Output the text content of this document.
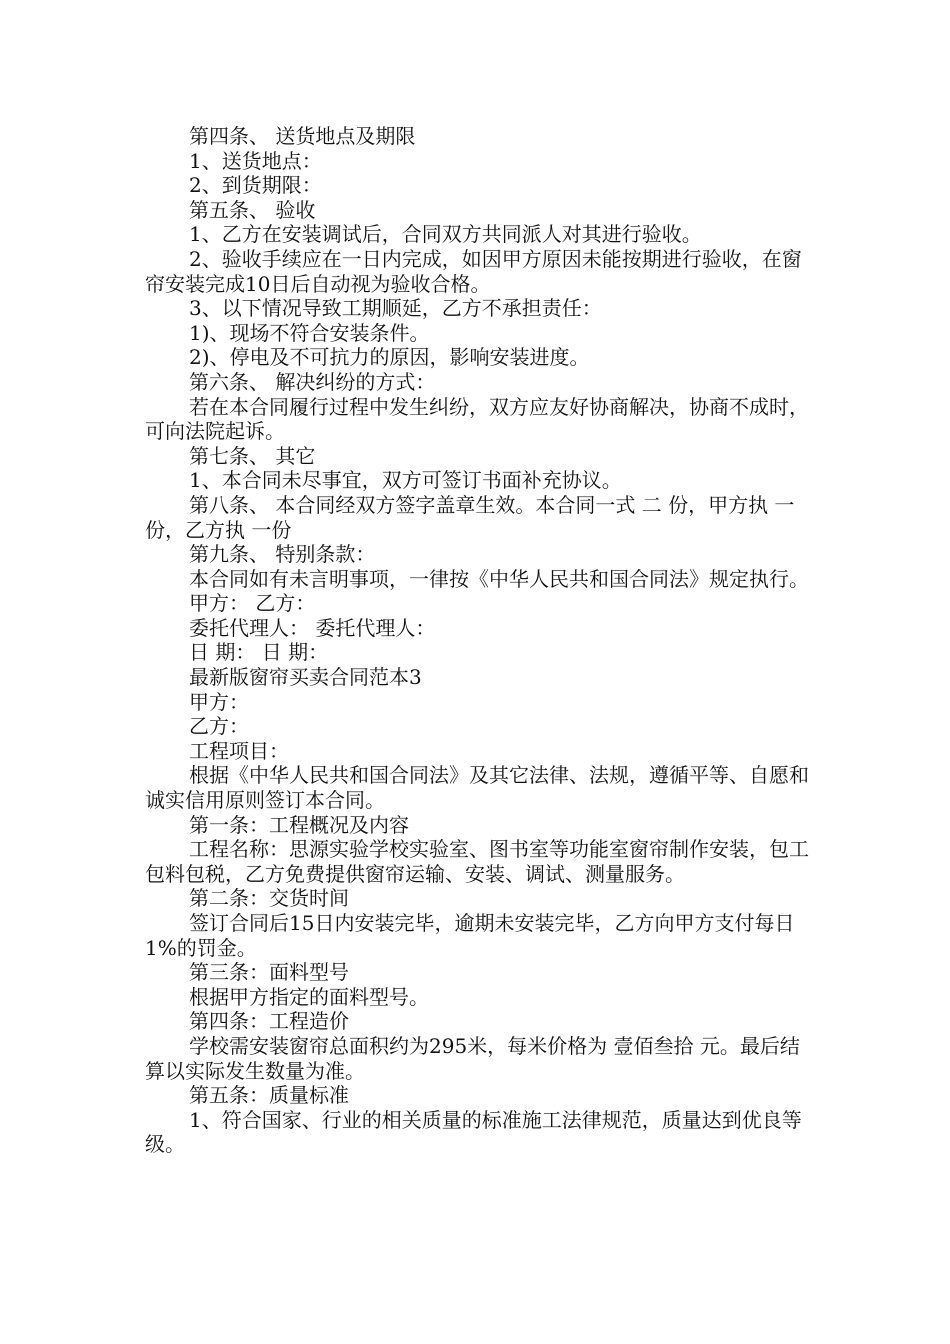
第四条、 送货地点及期限

1、送货地点：

2、到货期限：

第五条、 验收

1、乙方在安装调试后，合同双方共同派人对其进行验收。

2、验收手续应在一日内完成，如因甲方原因未能按期进行验收，在窗帘安装完成10日后自动视为验收合格。

3、以下情况导致工期顺延，乙方不承担责任：

1)、现场不符合安装条件。

2)、停电及不可抗力的原因，影响安装进度。

第六条、 解决纠纷的方式：

若在本合同履行过程中发生纠纷，双方应友好协商解决，协商不成时，可向法院起诉。

第七条、 其它

1、本合同未尽事宜，双方可签订书面补充协议。

第八条、 本合同经双方签字盖章生效。本合同一式 二 份，甲方执 一 份，乙方执 一份

第九条、 特别条款：

本合同如有未言明事项，一律按《中华人民共和国合同法》规定执行。

甲方： 乙方：

委托代理人： 委托代理人：

日 期： 日 期：

最新版窗帘买卖合同范本3

甲方：

乙方：

工程项目：

根据《中华人民共和国合同法》及其它法律、法规，遵循平等、自愿和诚实信用原则签订本合同。

第一条：工程概况及内容

工程名称：思源实验学校实验室、图书室等功能室窗帘制作安装，包工包料包税，乙方免费提供窗帘运输、安装、调试、测量服务。

第二条：交货时间

签订合同后15日内安装完毕，逾期未安装完毕，乙方向甲方支付每日1%的罚金。

第三条：面料型号

根据甲方指定的面料型号。

第四条：工程造价

学校需安装窗帘总面积约为295米，每米价格为 壹佰叁拾 元。最后结算以实际发生数量为准。

第五条：质量标准

1、符合国家、行业的相关质量的标准施工法律规范，质量达到优良等级。
